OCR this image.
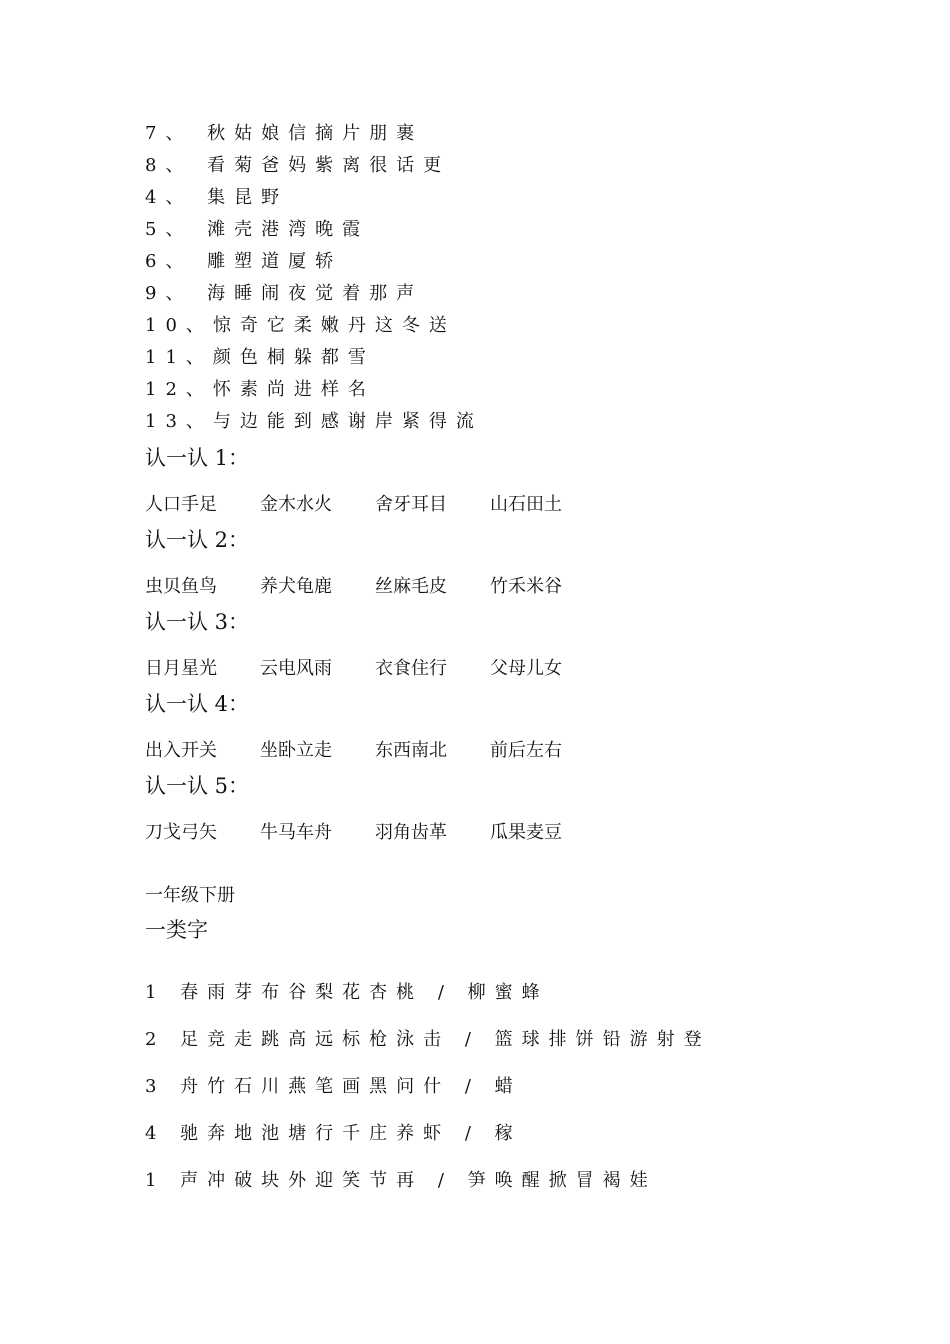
7、 秋姑娘信摘片朋裹
8、 看菊爸妈紫离很话更
4、 集昆野
5、 滩壳港湾晚霞
6、 雕塑道厦轿
9、 海睡闹夜觉着那声
10、惊奇它柔嫩丹这冬送
11、颜色桐躲都雪
12、怀素尚进样名
13、与边能到感谢岸紧得流
认一认 1：
人口手足 金木水火 舍牙耳目 山石田土
认一认 2：
虫贝鱼鸟 养犬龟鹿 丝麻毛皮 竹禾米谷
认一认 3：
日月星光 云电风雨 衣食住行 父母儿女
认一认 4：
出入开关 坐卧立走 东西南北 前后左右
认一认 5：
刀戈弓矢 牛马车舟 羽角齿革 瓜果麦豆
一年级下册
一类字
1 春雨芽布谷梨花杏桃 / 柳蜜蜂
2 足竞走跳高远标枪泳击 / 篮球排饼铅游射登
3 舟竹石川燕笔画黑问什 / 蜡
4 驰奔地池塘行千庄养虾 / 稼
1 声冲破块外迎笑节再 / 笋唤醒掀冒褐娃
